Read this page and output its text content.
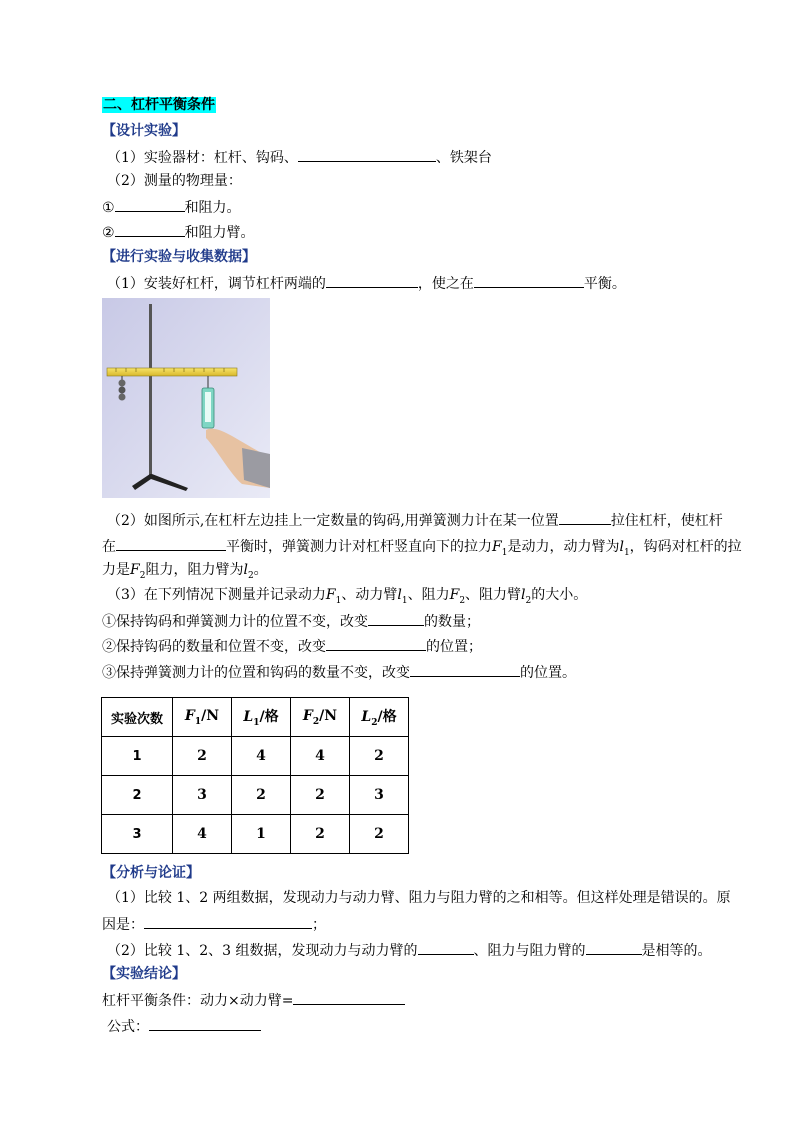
二、杠杆平衡条件
【设计实验】
（1）实验器材：杠杆、钩码、	、铁架台
（2）测量的物理量：
①	和阻力。
②	和阻力臂。
【进行实验与收集数据】
（1）安装好杠杆，调节杠杆两端的	，使之在	平衡。
（2）如图所示,在杠杆左边挂上一定数量的钩码,用弹簧测力计在某一位置	拉住杠杆，使杠杆
在	平衡时，弹簧测力计对杠杆竖直向下的拉力$F_1$是动力，动力臂为$l_1$，钩码对杠杆的拉
力是$F_2$阻力，阻力臂为$l_2$。
（3）在下列情况下测量并记录动力$F_1$、动力臂$l_1$、阻力$F_2$、阻力臂$l_2$的大小。
①保持钩码和弹簧测力计的位置不变，改变	的数量；
②保持钩码的数量和位置不变，改变	的位置；
③保持弹簧测力计的位置和钩码的数量不变，改变	的位置。
实验次数	$F_1/N$	$L_1/$格	$F_2/N$	$L_2/$格
1	2	4	4	2
2	3	2	2	3
3	4	1	2	2
【分析与论证】
（1）比较 1、2 两组数据，发现动力与动力臂、阻力与阻力臂的之和相等。但这样处理是错误的。原
因是：	；
（2）比较 1、2、3 组数据，发现动力与动力臂的	、阻力与阻力臂的	是相等的。
【实验结论】
杠杆平衡条件：动力×动力臂=
公式：
